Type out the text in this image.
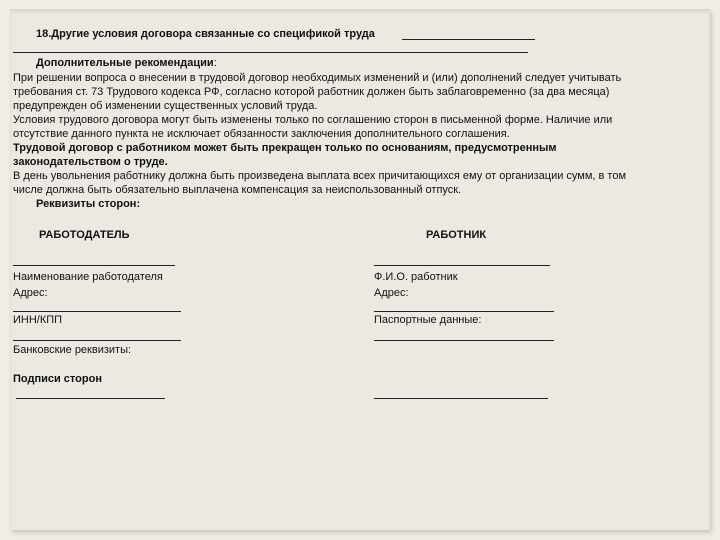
18.Другие условия договора связанные со спецификой труда
Дополнительные рекомендации:
При решении вопроса о внесении в трудовой договор необходимых изменений и (или) дополнений следует учитывать
требования ст. 73 Трудового кодекса РФ, согласно которой работник должен быть заблаговременно (за два месяца)
предупрежден об изменении существенных условий труда.
Условия трудового договора могут быть изменены только по соглашению сторон в письменной форме. Наличие или
отсутствие данного пункта не исключает обязанности заключения дополнительного соглашения.
Трудовой договор с работником может быть прекращен только по основаниям, предусмотренным
законодательством о труде.
В день увольнения работнику должна быть произведена выплата всех причитающихся ему от организации сумм, в том
числе должна быть обязательно выплачена компенсация за неиспользованный отпуск.
Реквизиты сторон:
РАБОТОДАТЕЛЬ
Наименование работодателя
Адрес:
ИНН/КПП
Банковские реквизиты:
РАБОТНИК
Ф.И.О. работник
Адрес:
Паспортные данные:
Подписи сторон
